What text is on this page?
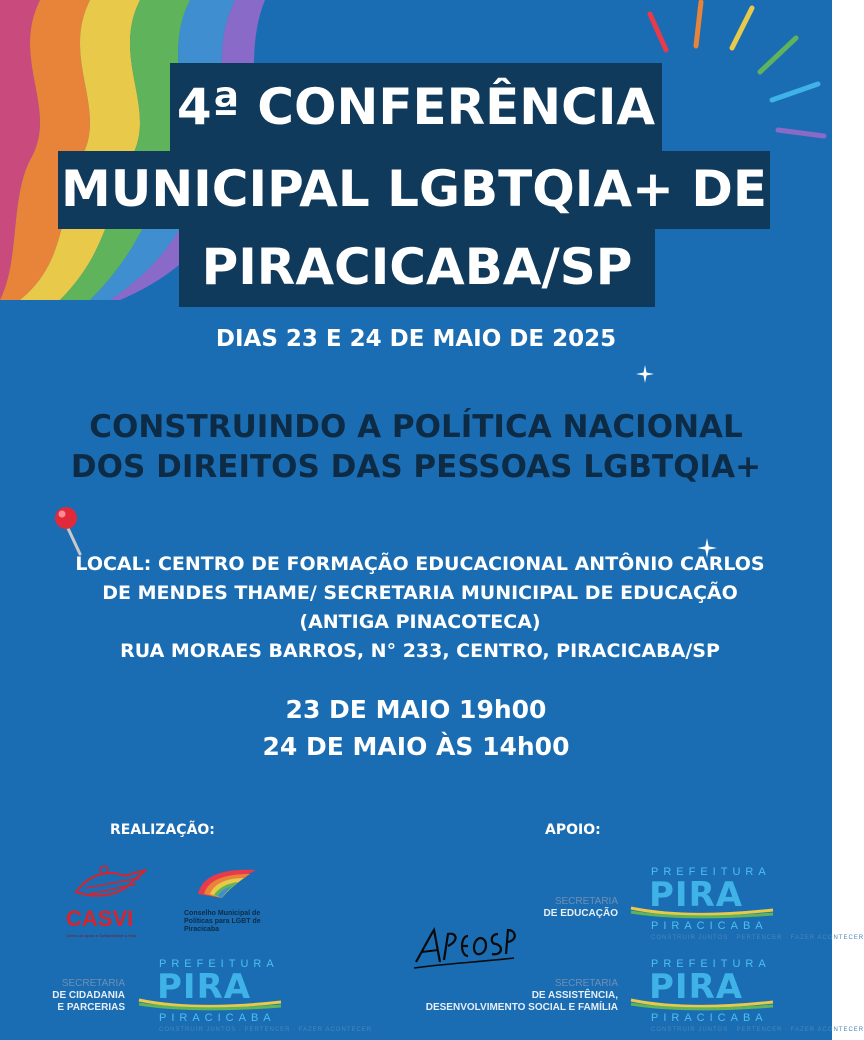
4ª CONFERÊNCIA
MUNICIPAL LGBTQIA+ DE
PIRACICABA/SP
DIAS 23 E 24 DE MAIO DE 2025
CONSTRUINDO A POLÍTICA NACIONAL
DOS DIREITOS DAS PESSOAS LGBTQIA+
LOCAL: CENTRO DE FORMAÇÃO EDUCACIONAL ANTÔNIO CARLOS
DE MENDES THAME/ SECRETARIA MUNICIPAL DE EDUCAÇÃO
(ANTIGA PINACOTECA)
RUA MORAES BARROS, N° 233, CENTRO, PIRACICABA/SP
23 DE MAIO 19h00
24 DE MAIO ÀS 14h00
REALIZAÇÃO:	APOIO:
CASVI
Centro de Apoio e Solidariedade à Vida
Conselho Municipal de Políticas para LGBT de Piracicaba
SECRETARIA
DE CIDADANIA
E PARCERIAS
PREFEITURA
PIRA
PIRACICABA
CONSTRUIR JUNTOS · PERTENCER · FAZER ACONTECER
SECRETARIA
DE EDUCAÇÃO
PREFEITURA
PIRA
PIRACICABA
CONSTRUIR JUNTOS · PERTENCER · FAZER ACONTECER
SECRETARIA
DE ASSISTÊNCIA,
DESENVOLVIMENTO SOCIAL E FAMÍLIA
PREFEITURA
PIRA
PIRACICABA
CONSTRUIR JUNTOS · PERTENCER · FAZER ACONTECER
